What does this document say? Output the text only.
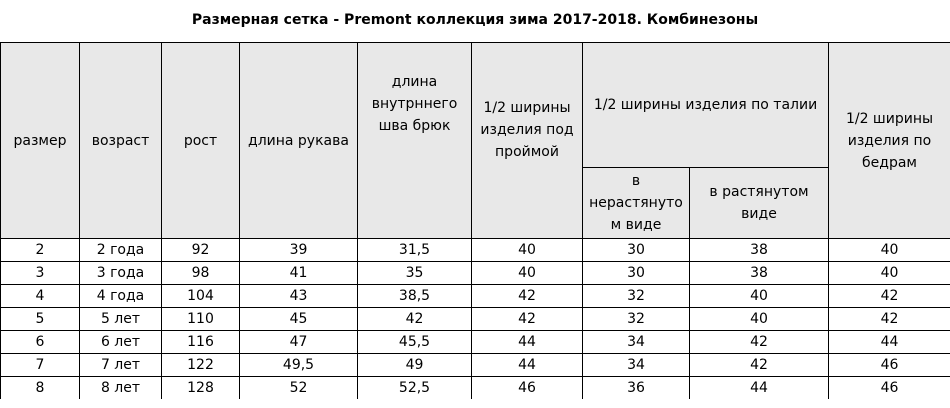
Размерная сетка - Premont коллекция зима 2017-2018. Комбинезоны
размер	возраст	рост	длина рукава	длина внутрннего шва брюк	1/2 ширины изделия под проймой	1/2 ширины изделия по талии		1/2 ширины изделия по бедрам

						в нерастянуто м виде	в растянутом виде	

2	2 года	92	39	31,5	40	30	38	40
3	3 года	98	41	35	40	30	38	40
4	4 года	104	43	38,5	42	32	40	42
5	5 лет	110	45	42	42	32	40	42
6	6 лет	116	47	45,5	44	34	42	44
7	7 лет	122	49,5	49	44	34	42	46
8	8 лет	128	52	52,5	46	36	44	46
